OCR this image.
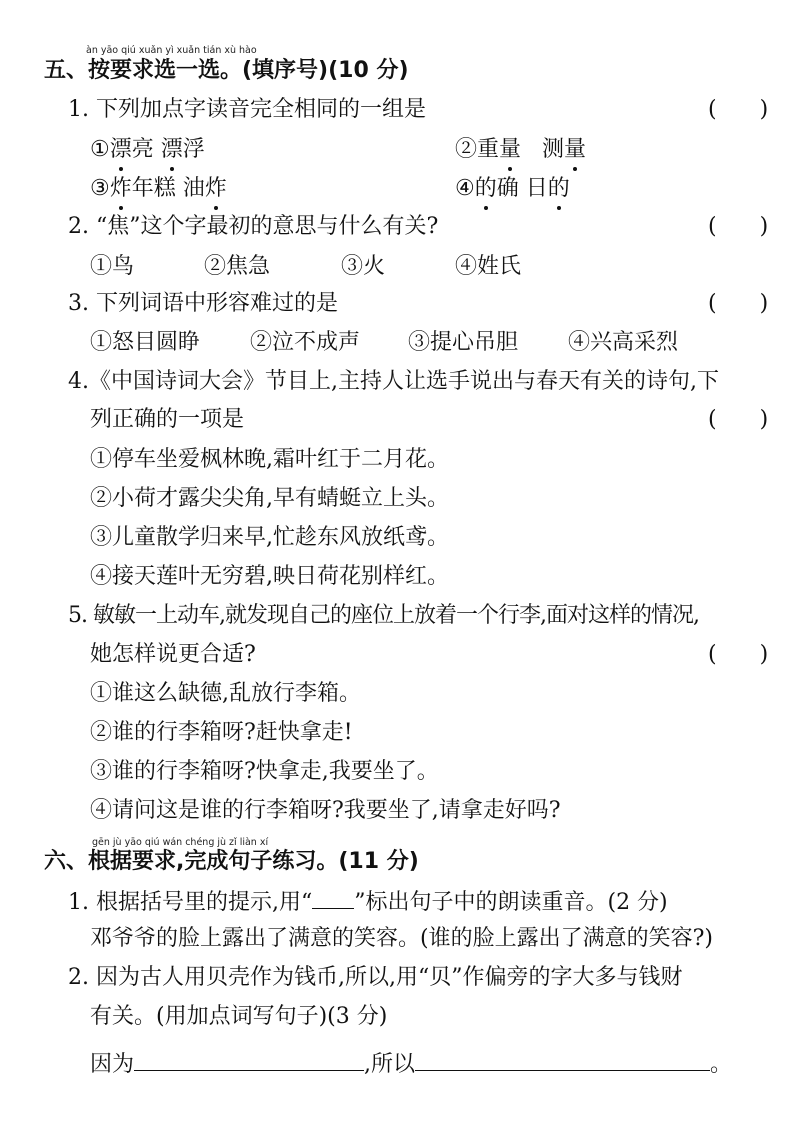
àn yāo qiú xuǎn yì xuǎn tián xù hào
五、按要求选一选。(填序号)(10 分)
1. 下列加点字读音完全相同的一组是	( )
①漂亮 漂浮	②重量   测量
③炸年糕 油炸	④的确 日的
2. “焦”这个字最初的意思与什么有关?	( )
①鸟	②焦急	③火	④姓氏
3. 下列词语中形容难过的是	( )
①怒目圆睁 ②泣不成声 ③提心吊胆 ④兴高采烈
4.《中国诗词大会》节目上,主持人让选手说出与春天有关的诗句,下
列正确的一项是	( )
①停车坐爱枫林晚,霜叶红于二月花。
②小荷才露尖尖角,早有蜻蜓立上头。
③儿童散学归来早,忙趁东风放纸鸢。
④接天莲叶无穷碧,映日荷花别样红。
5. 敏敏一上动车,就发现自己的座位上放着一个行李,面对这样的情况,
她怎样说更合适?	( )
①谁这么缺德,乱放行李箱。
②谁的行李箱呀?赶快拿走!
③谁的行李箱呀?快拿走,我要坐了。
④请问这是谁的行李箱呀?我要坐了,请拿走好吗?
gēn jù yāo qiú wán chéng jù zǐ liàn xí
六、根据要求,完成句子练习。(11 分)
1. 根据括号里的提示,用“ ”标出句子中的朗读重音。(2 分)
邓爷爷的脸上露出了满意的笑容。(谁的脸上露出了满意的笑容?)
2. 因为古人用贝壳作为钱币,所以,用“贝”作偏旁的字大多与钱财
有关。(用加点词写句子)(3 分)
因为	,所以	。
